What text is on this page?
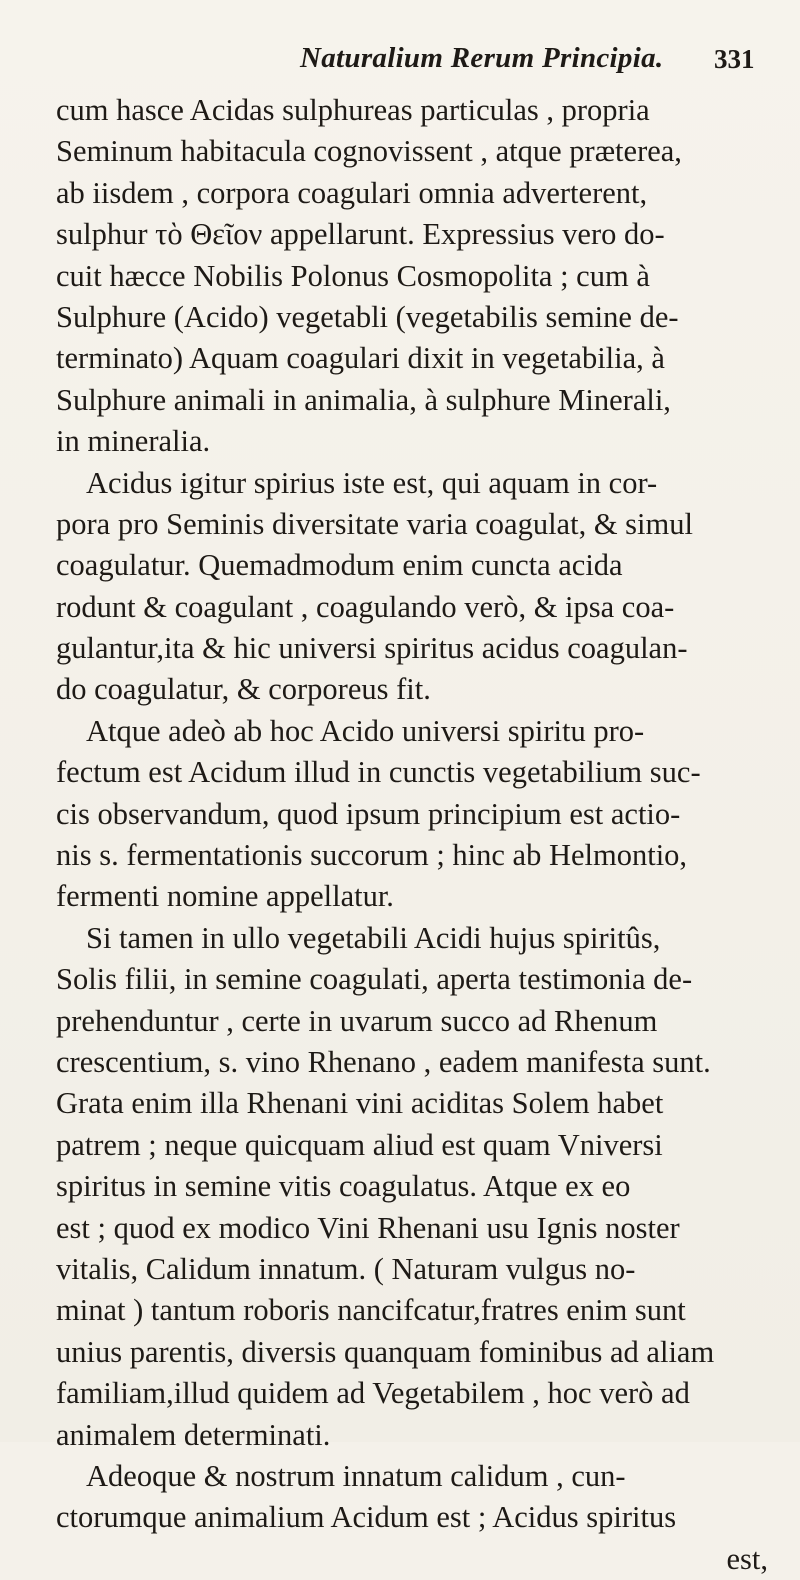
Naturalium Rerum Principia. 331
cum hasce Acidas sulphureas particulas , propria
Seminum habitacula cognovissent , atque præterea,
ab iisdem , corpora coagulari omnia adverterent,
sulphur τὸ Θεῖον appellarunt. Expressius vero do-
cuit hæcce Nobilis Polonus Cosmopolita ; cum à
Sulphure (Acido) vegetabli (vegetabilis semine de-
terminato) Aquam coagulari dixit in vegetabilia, à
Sulphure animali in animalia, à sulphure Minerali,
in mineralia.
Acidus igitur spirius iste est, qui aquam in cor-
pora pro Seminis diversitate varia coagulat, & simul
coagulatur. Quemadmodum enim cuncta acida
rodunt & coagulant , coagulando verò, & ipsa coa-
gulantur,ita & hic universi spiritus acidus coagulan-
do coagulatur, & corporeus fit.
Atque adeò ab hoc Acido universi spiritu pro-
fectum est Acidum illud in cunctis vegetabilium suc-
cis observandum, quod ipsum principium est actio-
nis s. fermentationis succorum ; hinc ab Helmontio,
fermenti nomine appellatur.
Si tamen in ullo vegetabili Acidi hujus spiritûs,
Solis filii, in semine coagulati, aperta testimonia de-
prehenduntur , certe in uvarum succo ad Rhenum
crescentium, s. vino Rhenano , eadem manifesta sunt.
Grata enim illa Rhenani vini aciditas Solem habet
patrem ; neque quicquam aliud est quam Vniversi
spiritus in semine vitis coagulatus. Atque ex eo
est ; quod ex modico Vini Rhenani usu Ignis noster
vitalis, Calidum innatum. ( Naturam vulgus no-
minat ) tantum roboris nancifcatur,fratres enim sunt
unius parentis, diversis quanquam fominibus ad aliam
familiam,illud quidem ad Vegetabilem , hoc verò ad
animalem determinati.
Adeoque & nostrum innatum calidum , cun-
ctorumque animalium Acidum est ; Acidus spiritus
est,
